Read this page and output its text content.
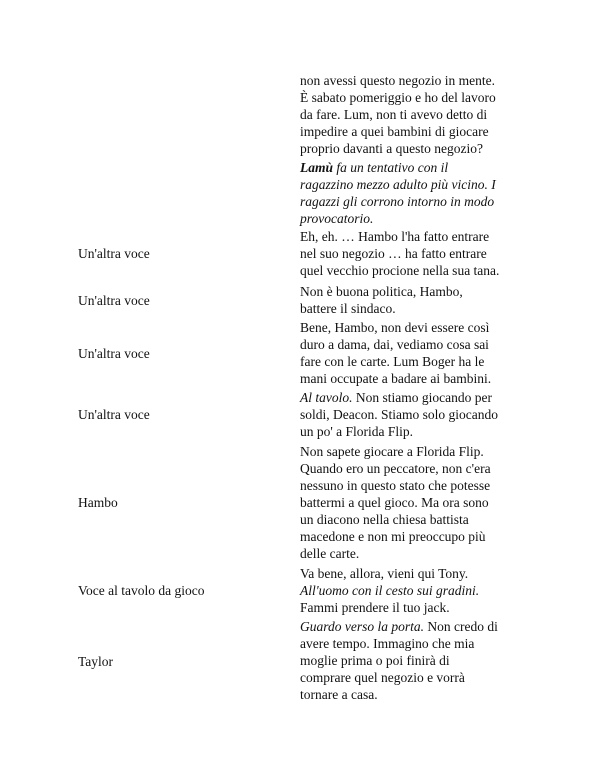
non avessi questo negozio in mente.
È sabato pomeriggio e ho del lavoro
da fare. Lum, non ti avevo detto di
impedire a quei bambini di giocare
proprio davanti a questo negozio?
Lamù fa un tentativo con il
ragazzino mezzo adulto più vicino. I
ragazzi gli corrono intorno in modo
provocatorio.
Un'altra voce
Eh, eh. … Hambo l'ha fatto entrare
nel suo negozio … ha fatto entrare
quel vecchio procione nella sua tana.
Un'altra voce
Non è buona politica, Hambo,
battere il sindaco.
Un'altra voce
Bene, Hambo, non devi essere così
duro a dama, dai, vediamo cosa sai
fare con le carte. Lum Boger ha le
mani occupate a badare ai bambini.
Un'altra voce
Al tavolo. Non stiamo giocando per
soldi, Deacon. Stiamo solo giocando
un po' a Florida Flip.
Hambo
Non sapete giocare a Florida Flip.
Quando ero un peccatore, non c'era
nessuno in questo stato che potesse
battermi a quel gioco. Ma ora sono
un diacono nella chiesa battista
macedone e non mi preoccupo più
delle carte.
Voce al tavolo da gioco
Va bene, allora, vieni qui Tony.
All'uomo con il cesto sui gradini.
Fammi prendere il tuo jack.
Taylor
Guardo verso la porta. Non credo di
avere tempo. Immagino che mia
moglie prima o poi finirà di
comprare quel negozio e vorrà
tornare a casa.
